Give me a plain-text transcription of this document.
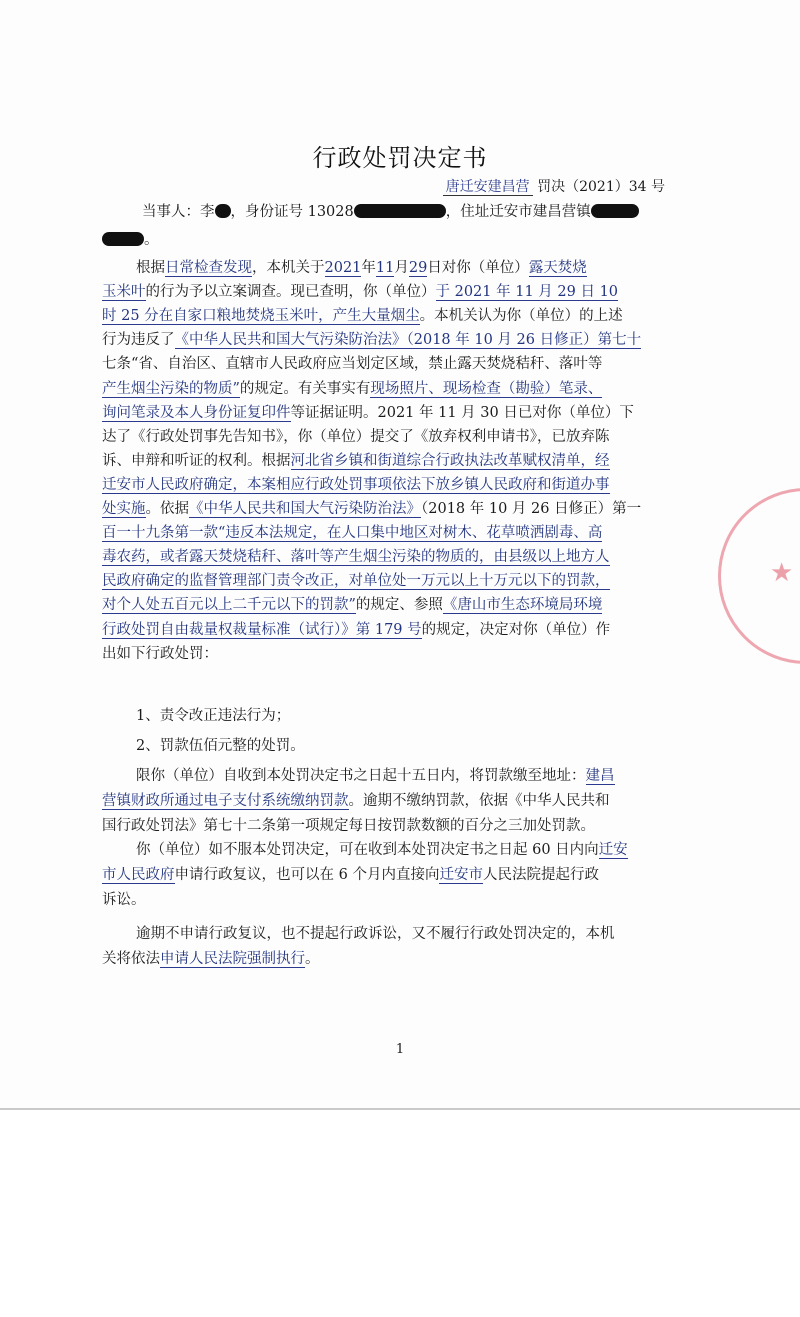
行政处罚决定书
唐迁安建昌营 罚决（2021）34 号
当事人：李 ，身份证号 13028	，住址迁安市建昌营镇
。
根据日常检查发现，本机关于2021年11月29日对你（单位）露天焚烧
玉米叶的行为予以立案调查。现已查明，你（单位）于 2021 年 11 月 29 日 10
时 25 分在自家口粮地焚烧玉米叶，产生大量烟尘。本机关认为你（单位）的上述
行为违反了《中华人民共和国大气污染防治法》（2018 年 10 月 26 日修正）第七十
七条“省、自治区、直辖市人民政府应当划定区域，禁止露天焚烧秸秆、落叶等
产生烟尘污染的物质”的规定。有关事实有现场照片、现场检查（勘验）笔录、
询问笔录及本人身份证复印件等证据证明。2021 年 11 月 30 日已对你（单位）下
达了《行政处罚事先告知书》，你（单位）提交了《放弃权利申请书》，已放弃陈
诉、申辩和听证的权利。根据河北省乡镇和街道综合行政执法改革赋权清单，经
迁安市人民政府确定，本案相应行政处罚事项依法下放乡镇人民政府和街道办事
处实施。依据《中华人民共和国大气污染防治法》（2018 年 10 月 26 日修正）第一
百一十九条第一款“违反本法规定，在人口集中地区对树木、花草喷洒剧毒、高
毒农药，或者露天焚烧秸秆、落叶等产生烟尘污染的物质的，由县级以上地方人
民政府确定的监督管理部门责令改正，对单位处一万元以上十万元以下的罚款，
对个人处五百元以上二千元以下的罚款”的规定、参照《唐山市生态环境局环境
行政处罚自由裁量权裁量标准（试行）》第 179 号的规定，决定对你（单位）作
出如下行政处罚：
1、责令改正违法行为；
2、罚款伍佰元整的处罚。
限你（单位）自收到本处罚决定书之日起十五日内，将罚款缴至地址：建昌
营镇财政所通过电子支付系统缴纳罚款。逾期不缴纳罚款，依据《中华人民共和
国行政处罚法》第七十二条第一项规定每日按罚款数额的百分之三加处罚款。
你（单位）如不服本处罚决定，可在收到本处罚决定书之日起 60 日内向迁安
市人民政府申请行政复议，也可以在 6 个月内直接向迁安市人民法院提起行政
诉讼。
逾期不申请行政复议，也不提起行政诉讼，又不履行行政处罚决定的，本机
关将依法申请人民法院强制执行。
★
1
